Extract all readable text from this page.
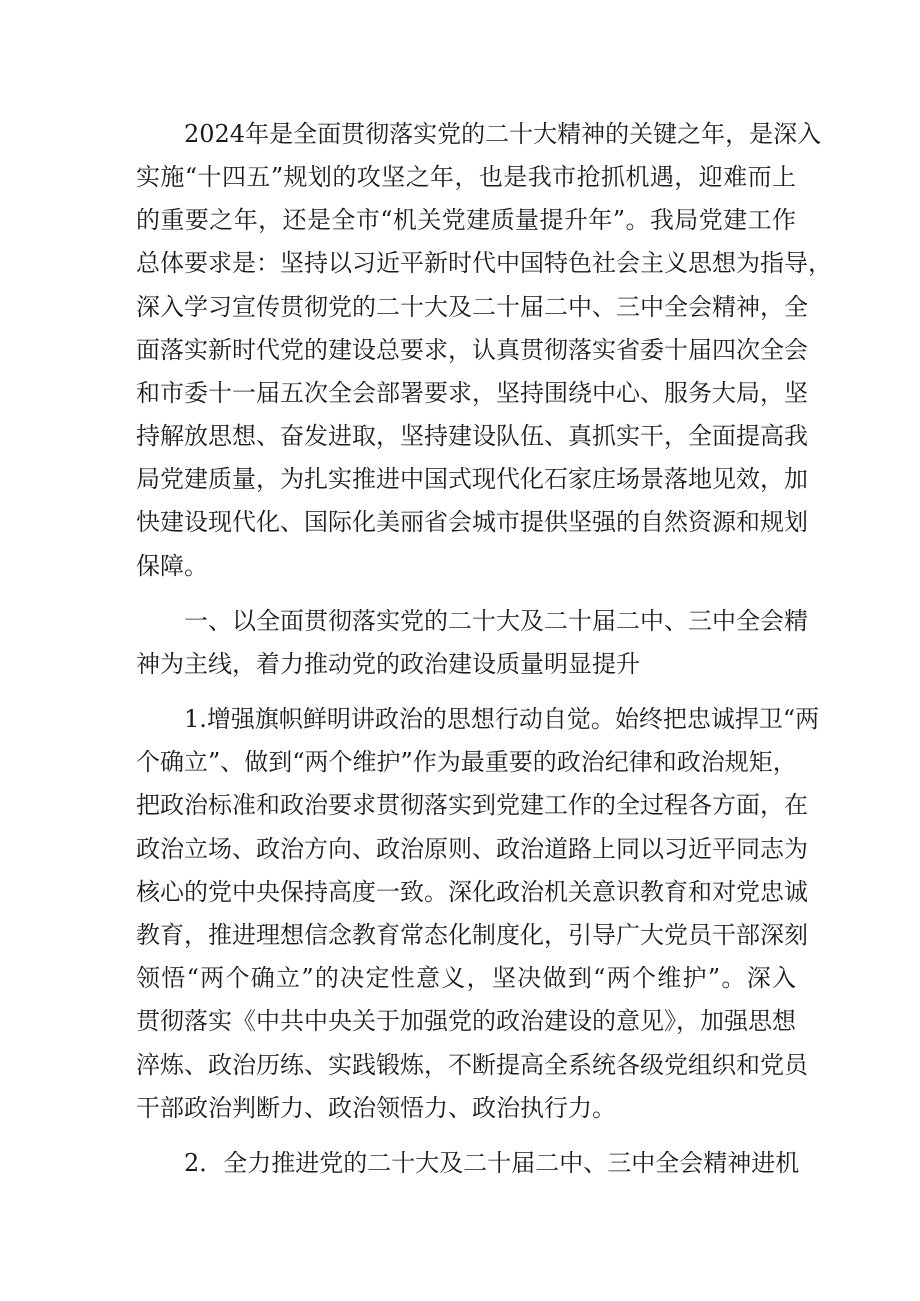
2024年是全面贯彻落实党的二十大精神的关键之年，是深入
实施“十四五”规划的攻坚之年，也是我市抢抓机遇，迎难而上
的重要之年，还是全市“机关党建质量提升年”。我局党建工作
总体要求是：坚持以习近平新时代中国特色社会主义思想为指导，
深入学习宣传贯彻党的二十大及二十届二中、三中全会精神，全
面落实新时代党的建设总要求，认真贯彻落实省委十届四次全会
和市委十一届五次全会部署要求，坚持围绕中心、服务大局，坚
持解放思想、奋发进取，坚持建设队伍、真抓实干，全面提高我
局党建质量，为扎实推进中国式现代化石家庄场景落地见效，加
快建设现代化、国际化美丽省会城市提供坚强的自然资源和规划
保障。
一、以全面贯彻落实党的二十大及二十届二中、三中全会精
神为主线，着力推动党的政治建设质量明显提升
1.增强旗帜鲜明讲政治的思想行动自觉。始终把忠诚捍卫“两
个确立”、做到“两个维护”作为最重要的政治纪律和政治规矩，
把政治标准和政治要求贯彻落实到党建工作的全过程各方面，在
政治立场、政治方向、政治原则、政治道路上同以习近平同志为
核心的党中央保持高度一致。深化政治机关意识教育和对党忠诚
教育，推进理想信念教育常态化制度化，引导广大党员干部深刻
领悟“两个确立”的决定性意义，坚决做到“两个维护”。深入
贯彻落实《中共中央关于加强党的政治建设的意见》，加强思想
淬炼、政治历练、实践锻炼，不断提高全系统各级党组织和党员
干部政治判断力、政治领悟力、政治执行力。
2．全力推进党的二十大及二十届二中、三中全会精神进机
